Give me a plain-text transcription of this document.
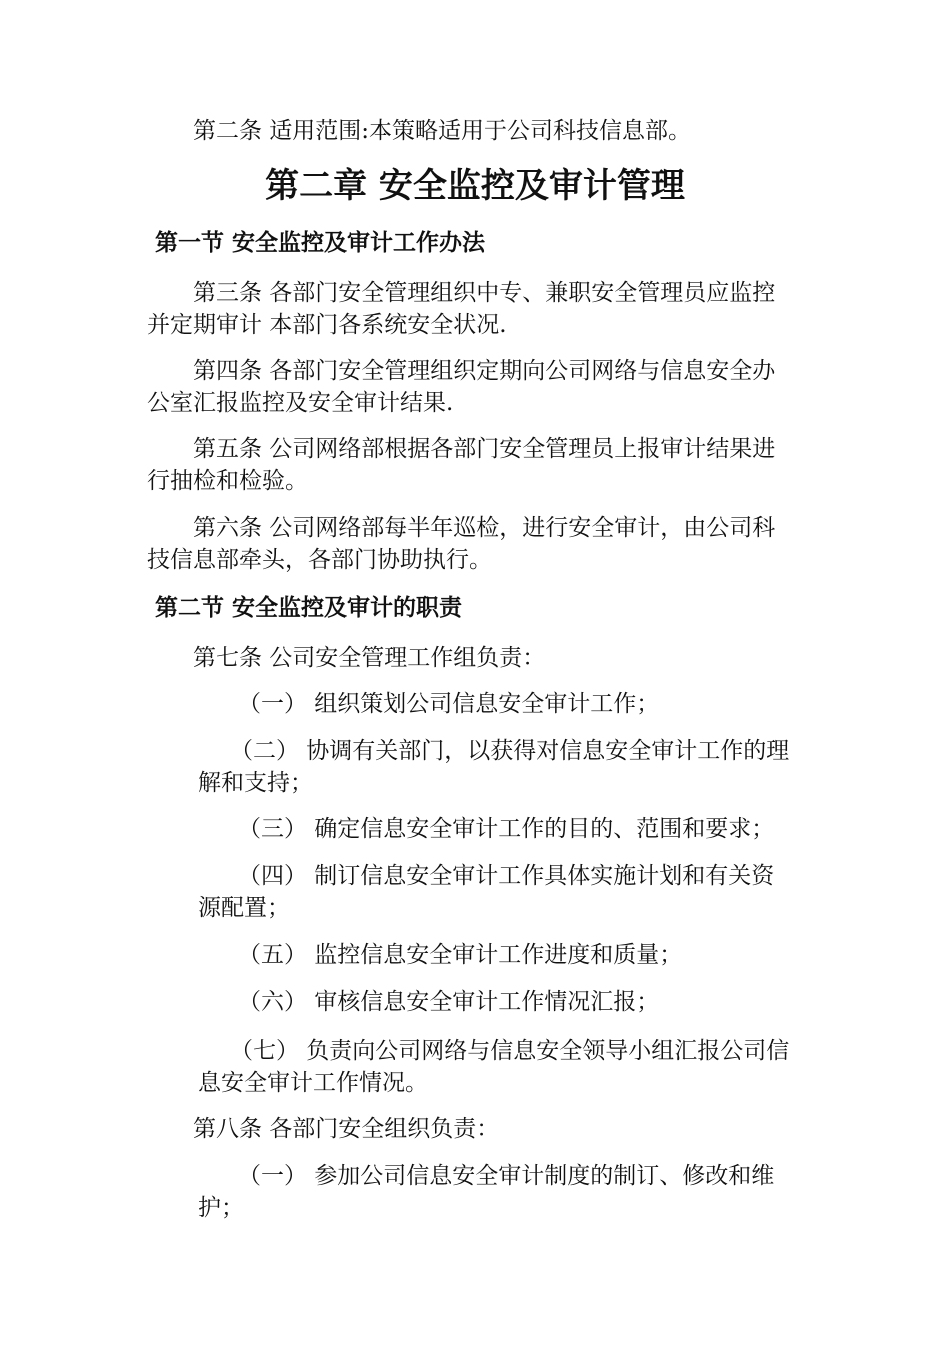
第二条 适用范围:本策略适用于公司科技信息部。
第二章 安全监控及审计管理
第一节 安全监控及审计工作办法
第三条 各部门安全管理组织中专、兼职安全管理员应监控
并定期审计 本部门各系统安全状况.
第四条 各部门安全管理组织定期向公司网络与信息安全办
公室汇报监控及安全审计结果.
第五条 公司网络部根据各部门安全管理员上报审计结果进
行抽检和检验。
第六条 公司网络部每半年巡检，进行安全审计，由公司科
技信息部牵头，各部门协助执行。
第二节 安全监控及审计的职责
第七条 公司安全管理工作组负责：
（一） 组织策划公司信息安全审计工作；
（二） 协调有关部门，以获得对信息安全审计工作的理
解和支持；
（三） 确定信息安全审计工作的目的、范围和要求；
（四） 制订信息安全审计工作具体实施计划和有关资
源配置；
（五） 监控信息安全审计工作进度和质量；
（六） 审核信息安全审计工作情况汇报；
（七） 负责向公司网络与信息安全领导小组汇报公司信
息安全审计工作情况。
第八条 各部门安全组织负责：
（一） 参加公司信息安全审计制度的制订、修改和维
护；
